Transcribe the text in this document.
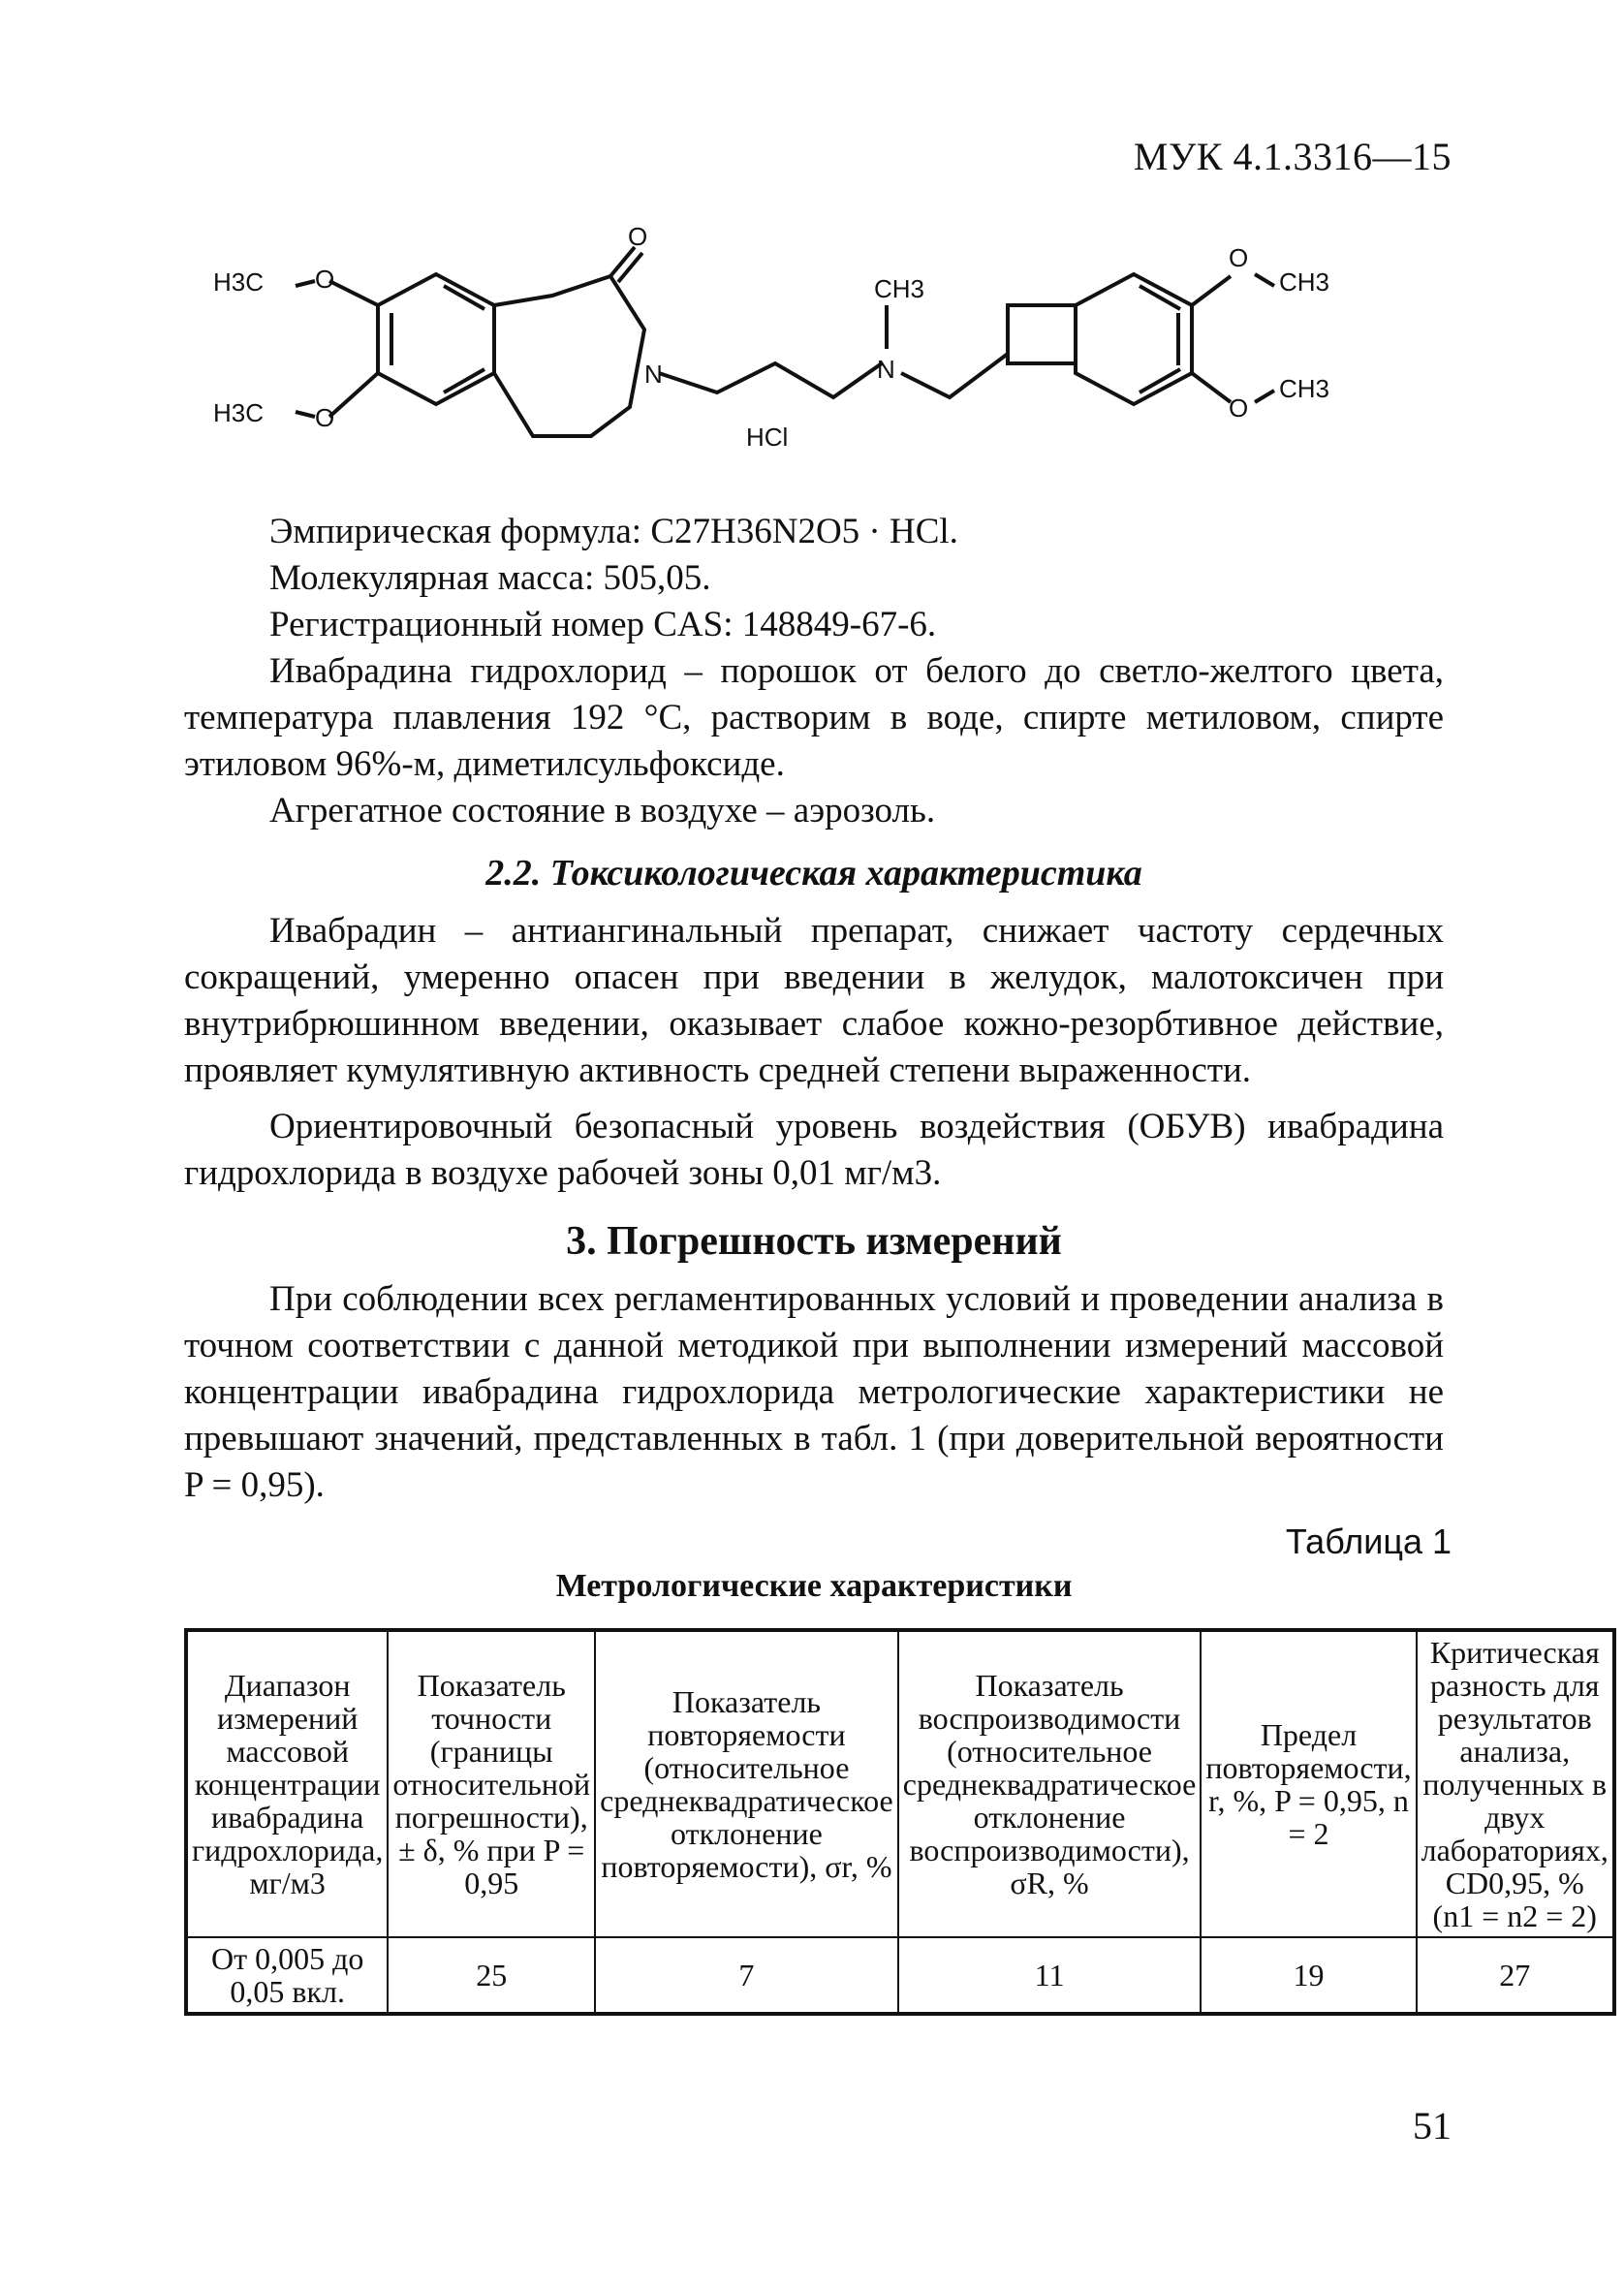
МУК 4.1.3316—15
H3C
H3C
O
O
O
N
CH3
N
HCl
O
O
CH3
CH3

Эмпирическая формула: C27H36N2O5 · HCl.

Молекулярная масса: 505,05.

Регистрационный номер CAS: 148849-67-6.

Ивабрадина гидрохлорид – порошок от белого до светло-желтого цвета, температура плавления 192 °С, растворим в воде, спирте метиловом, спирте этиловом 96%-м, диметилсульфоксиде.

Агрегатное состояние в воздухе – аэрозоль.

2.2. Токсикологическая характеристика

Ивабрадин – антиангинальный препарат, снижает частоту сердечных сокращений, умеренно опасен при введении в желудок, малотоксичен при внутрибрюшинном введении, оказывает слабое кожно-резорбтивное действие, проявляет кумулятивную активность средней степени выраженности.

Ориентировочный безопасный уровень воздействия (ОБУВ) ивабрадина гидрохлорида в воздухе рабочей зоны 0,01 мг/м3.

3. Погрешность измерений

При соблюдении всех регламентированных условий и проведении анализа в точном соответствии с данной методикой при выполнении измерений массовой концентрации ивабрадина гидрохлорида метрологические характеристики не превышают значений, представленных в табл. 1 (при доверительной вероятности P = 0,95).

Таблица 1
Метрологические характеристики
Диапазон измерений массовой концентрации ивабрадина гидрохлорида, мг/м3	Показатель точности (границы относительной погрешности), ± δ, % при P = 0,95	Показатель повторяемости (относительное среднеквадратическое отклонение повторяемости), σr, %	Показатель воспроизводимости (относительное среднеквадратическое отклонение воспроизводимости), σR, %	Предел повторяемости, r, %, P = 0,95, n = 2	Критическая разность для результатов анализа, полученных в двух лабораториях, CD0,95, % (n1 = n2 = 2)
От 0,005 до 0,05 вкл.	25	7	11	19	27
51
